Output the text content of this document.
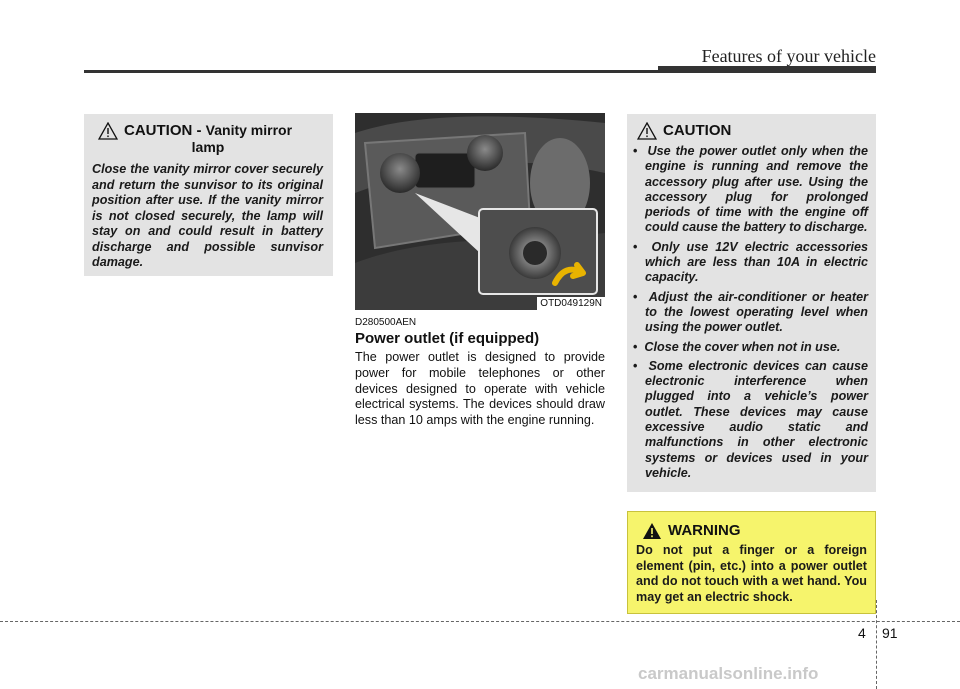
Features of your vehicle
CAUTION - Vanity mirror
lamp
Close the vanity mirror cover securely and return the sunvisor to its original position after use. If the vanity mirror is not closed securely, the lamp will stay on and could result in battery discharge and possible sunvisor damage.
OTD049129N
D280500AEN
Power outlet (if equipped)
The power outlet is designed to provide power for mobile telephones or other devices designed to operate with vehicle electrical systems. The devices should draw less than 10 amps with the engine running.
CAUTION
•  Use the power outlet only when the engine is running and remove the accessory plug after use. Using the accessory plug for prolonged periods of time with the engine off could cause the battery to discharge.
•  Only use 12V electric accessories which are less than 10A in electric capacity.
•  Adjust the air-conditioner or heater to the lowest operating level when using the power outlet.
•  Close the cover when not in use.
•  Some electronic devices can cause electronic interference when plugged into a vehicle’s power outlet. These devices may cause excessive audio static and malfunctions in other electronic systems or devices used in your vehicle.
WARNING
Do not put a finger or a foreign element (pin, etc.) into a power outlet and do not touch with a wet hand. You may get an electric shock.
4 91
carmanualsonline.info
